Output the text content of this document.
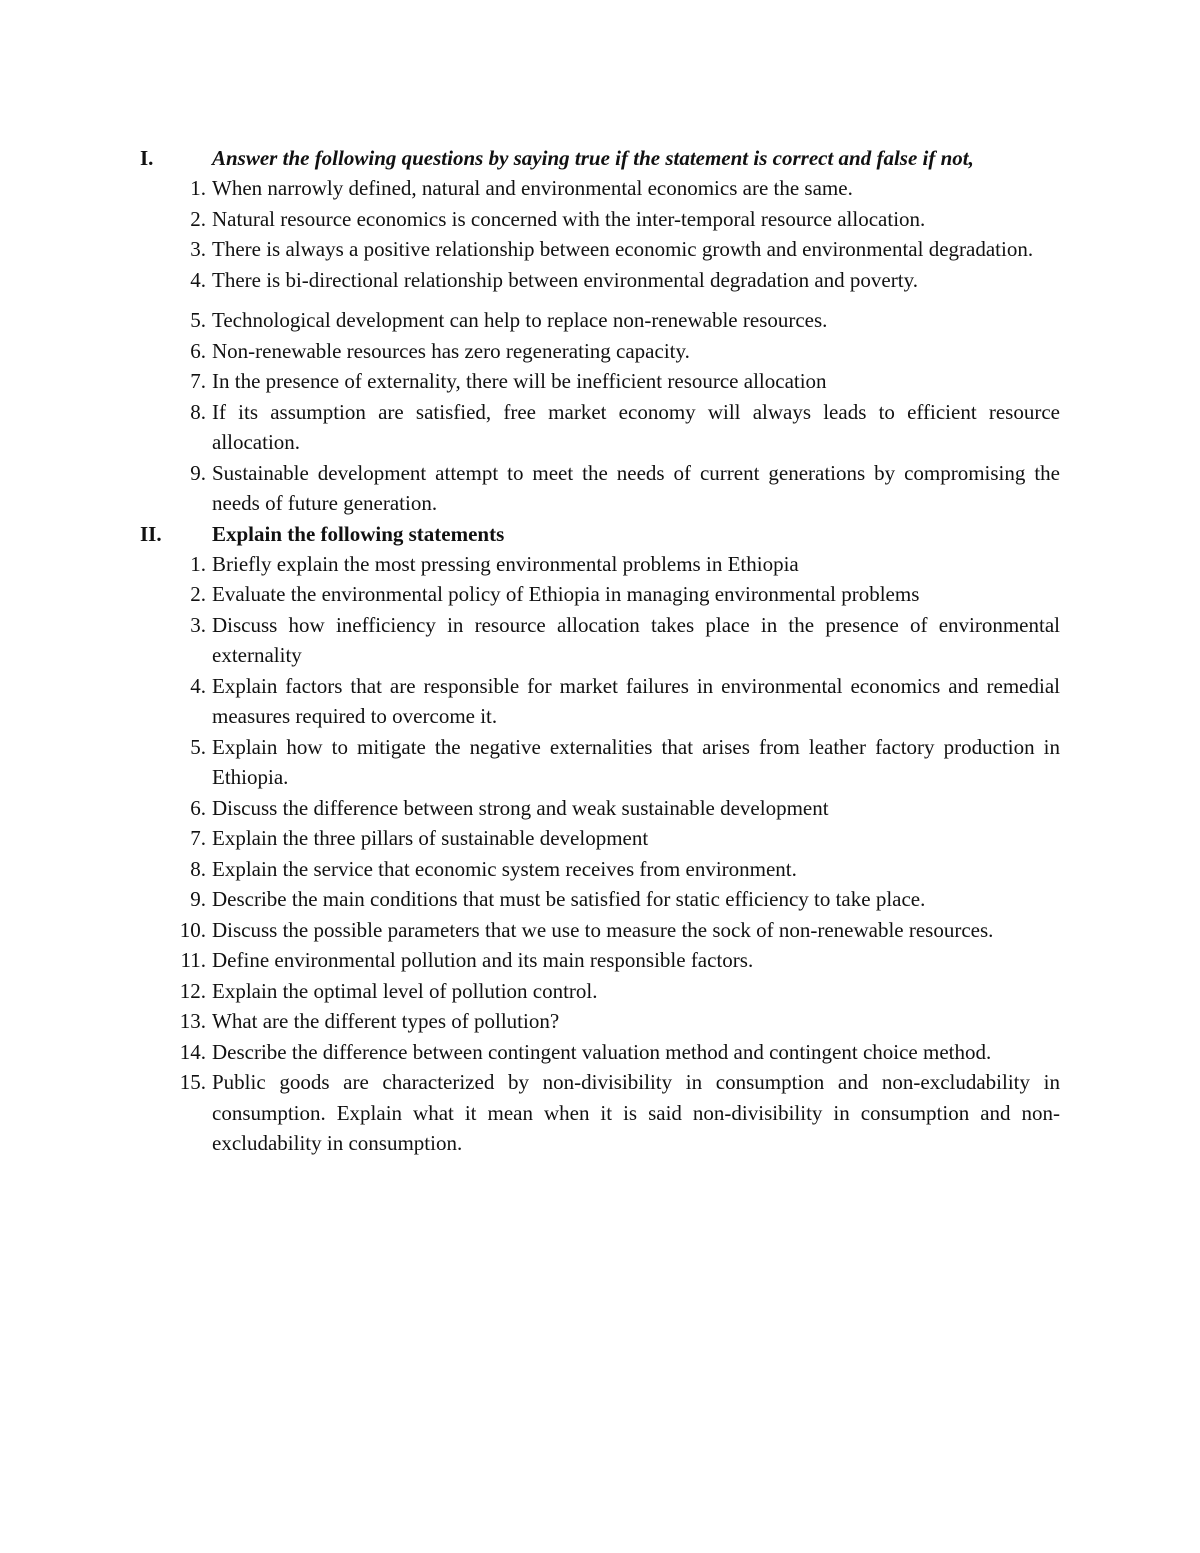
I.	Answer the following questions by saying true if the statement is correct and false if not,
1. When narrowly defined, natural and environmental economics are the same.
2. Natural resource economics is concerned with the inter-temporal resource allocation.
3. There is always a positive relationship between economic growth and environmental degradation.
4. There is bi-directional relationship between environmental degradation and poverty.
5. Technological development can help to replace non-renewable resources.
6. Non-renewable resources has zero regenerating capacity.
7. In the presence of externality, there will be inefficient resource allocation
8. If its assumption are satisfied, free market economy will always leads to efficient resource allocation.
9. Sustainable development attempt to meet the needs of current generations by compromising the needs of future generation.
II.	Explain the following statements
1. Briefly explain the most pressing environmental problems in Ethiopia
2. Evaluate the environmental policy of Ethiopia in managing environmental problems
3. Discuss how inefficiency in resource allocation takes place in the presence of environmental externality
4. Explain factors that are responsible for market failures in environmental economics and remedial measures required to overcome it.
5. Explain how to mitigate the negative externalities that arises from leather factory production in Ethiopia.
6. Discuss the difference between strong and weak sustainable development
7. Explain the three pillars of sustainable development
8. Explain the service that economic system receives from environment.
9. Describe the main conditions that must be satisfied for static efficiency to take place.
10. Discuss the possible parameters that we use to measure the sock of non-renewable resources.
11. Define environmental pollution and its main responsible factors.
12. Explain the optimal level of pollution control.
13. What are the different types of pollution?
14. Describe the difference between contingent valuation method and contingent choice method.
15. Public goods are characterized by non-divisibility in consumption and non-excludability in consumption. Explain what it mean when it is said non-divisibility in consumption and non-excludability in consumption.
